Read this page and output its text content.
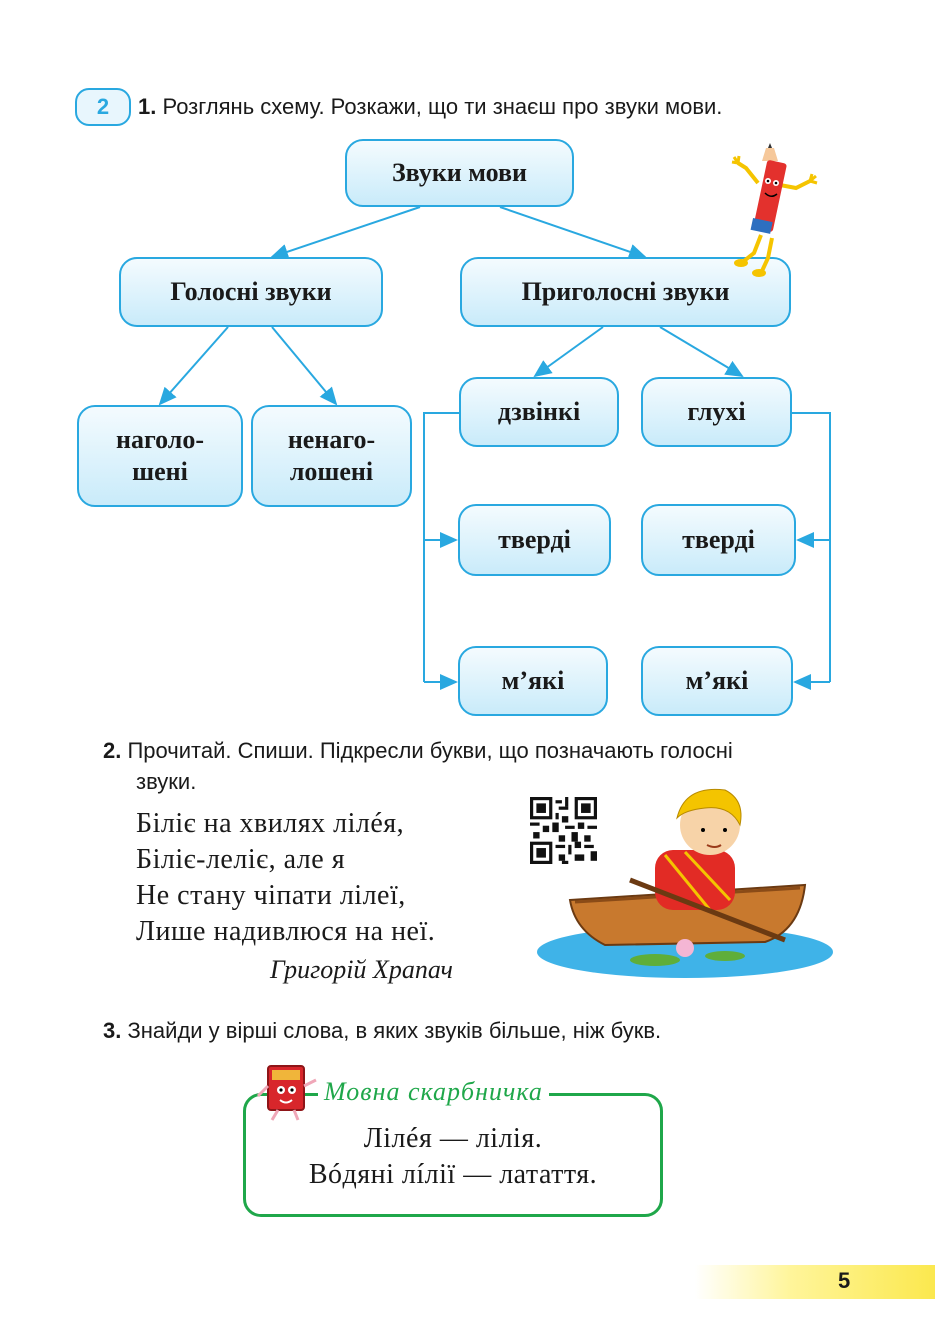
2	1. Розглянь схему. Розкажи, що ти знаєш про звуки мови.
Звуки мови
Голосні звуки	Приголосні звуки
наголо-
шені
ненаго-
лошені
дзвінкі	глухі
тверді	тверді
м’які	м’які
2. Прочитай. Спиши. Підкресли букви, що позначають голосні
звуки.
Біліє на хвилях лілéя,
Біліє-леліє, але я
Не стану чіпати лілеї,
Лише надивлюся на неї.
Григорій Храпач
3. Знайди у вірші слова, в яких звуків більше, ніж букв.
Мовна скарбничка
Лілéя — лілія.
Вóдяні лíлії — латаття.
5
